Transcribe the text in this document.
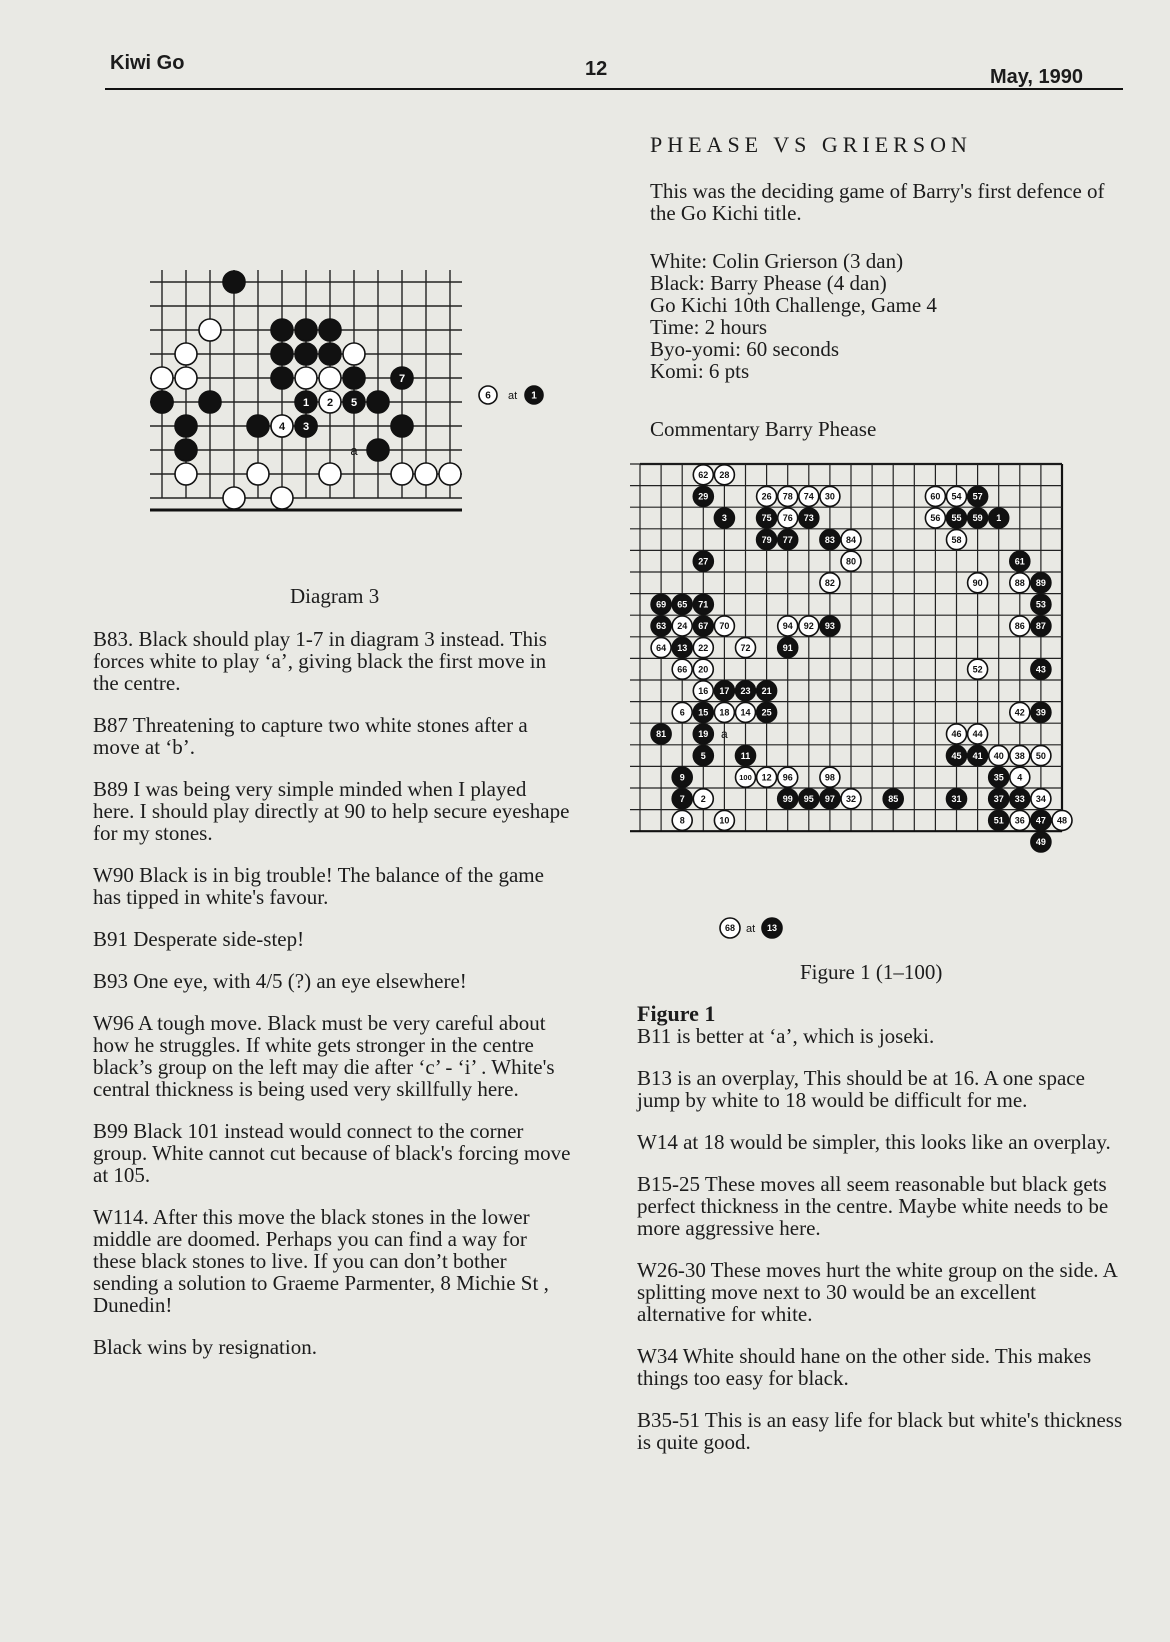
Kiwi Go	12	May, 1990
1 2
3
4
5
7
a
6 at 1
Diagram 3

B83. Black should play 1-7 in diagram 3 instead. This forces white to play ‘a’, giving black the first move in the centre.

B87 Threatening to capture two white stones after a move at ‘b’.

B89 I was being very simple minded when I played here. I should play directly at 90 to help secure eyeshape for my stones.

W90 Black is in big trouble! The balance of the game has tipped in white's favour.

B91 Desperate side-step!

B93 One eye, with 4/5 (?) an eye elsewhere!

W96 A tough move. Black must be very careful about how he struggles. If white gets stronger in the centre black’s group on the left may die after ‘c’ - ‘i’ . White's central thickness is being used very skillfully here.

B99 Black 101 instead would connect to the corner group. White cannot cut because of black's forcing move at 105.

W114. After this move the black stones in the lower middle are doomed. Perhaps you can find a way for these black stones to live. If you can don’t bother sending a solution to Graeme Parmenter, 8 Michie St , Dunedin!

Black wins by resignation.

PHEASE VS GRIERSON
This was the deciding game of Barry's first defence of the Go Kichi title.
White: Colin Grierson (3 dan)
Black: Barry Phease (4 dan)
Go Kichi 10th Challenge, Game 4
Time: 2 hours
Byo-yomi: 60 seconds
Komi: 6 pts
Commentary Barry Phease
62 28
29	26 78 74 30	60 54 57
3	75 76 73	56 55 59 1
79 77	83 84	58
27	80	61
82	90	88 89
69 65 71	53
63 24 67 70	94 92 93	86 87
64 13 22	72	91
66 20	52	43
16 17 23 21
6 15 18 14 25	42 39
81	19	46 44
5	11	45 41 40 38 50
9	100 12 96	98	35 4
7 2	99 95 97 32	85	31	37 33 34
8	10	51 36 47 48
49
a
68 at 13
Figure 1 (1–100)
Figure 1

B11 is better at ‘a’, which is joseki.

B13 is an overplay, This should be at 16. A one space jump by white to 18 would be difficult for me.

W14 at 18 would be simpler, this looks like an overplay.

B15-25 These moves all seem reasonable but black gets perfect thickness in the centre. Maybe white needs to be more aggressive here.

W26-30 These moves hurt the white group on the side. A splitting move next to 30 would be an excellent alternative for white.

W34 White should hane on the other side. This makes things too easy for black.

B35-51 This is an easy life for black but white's thickness is quite good.
